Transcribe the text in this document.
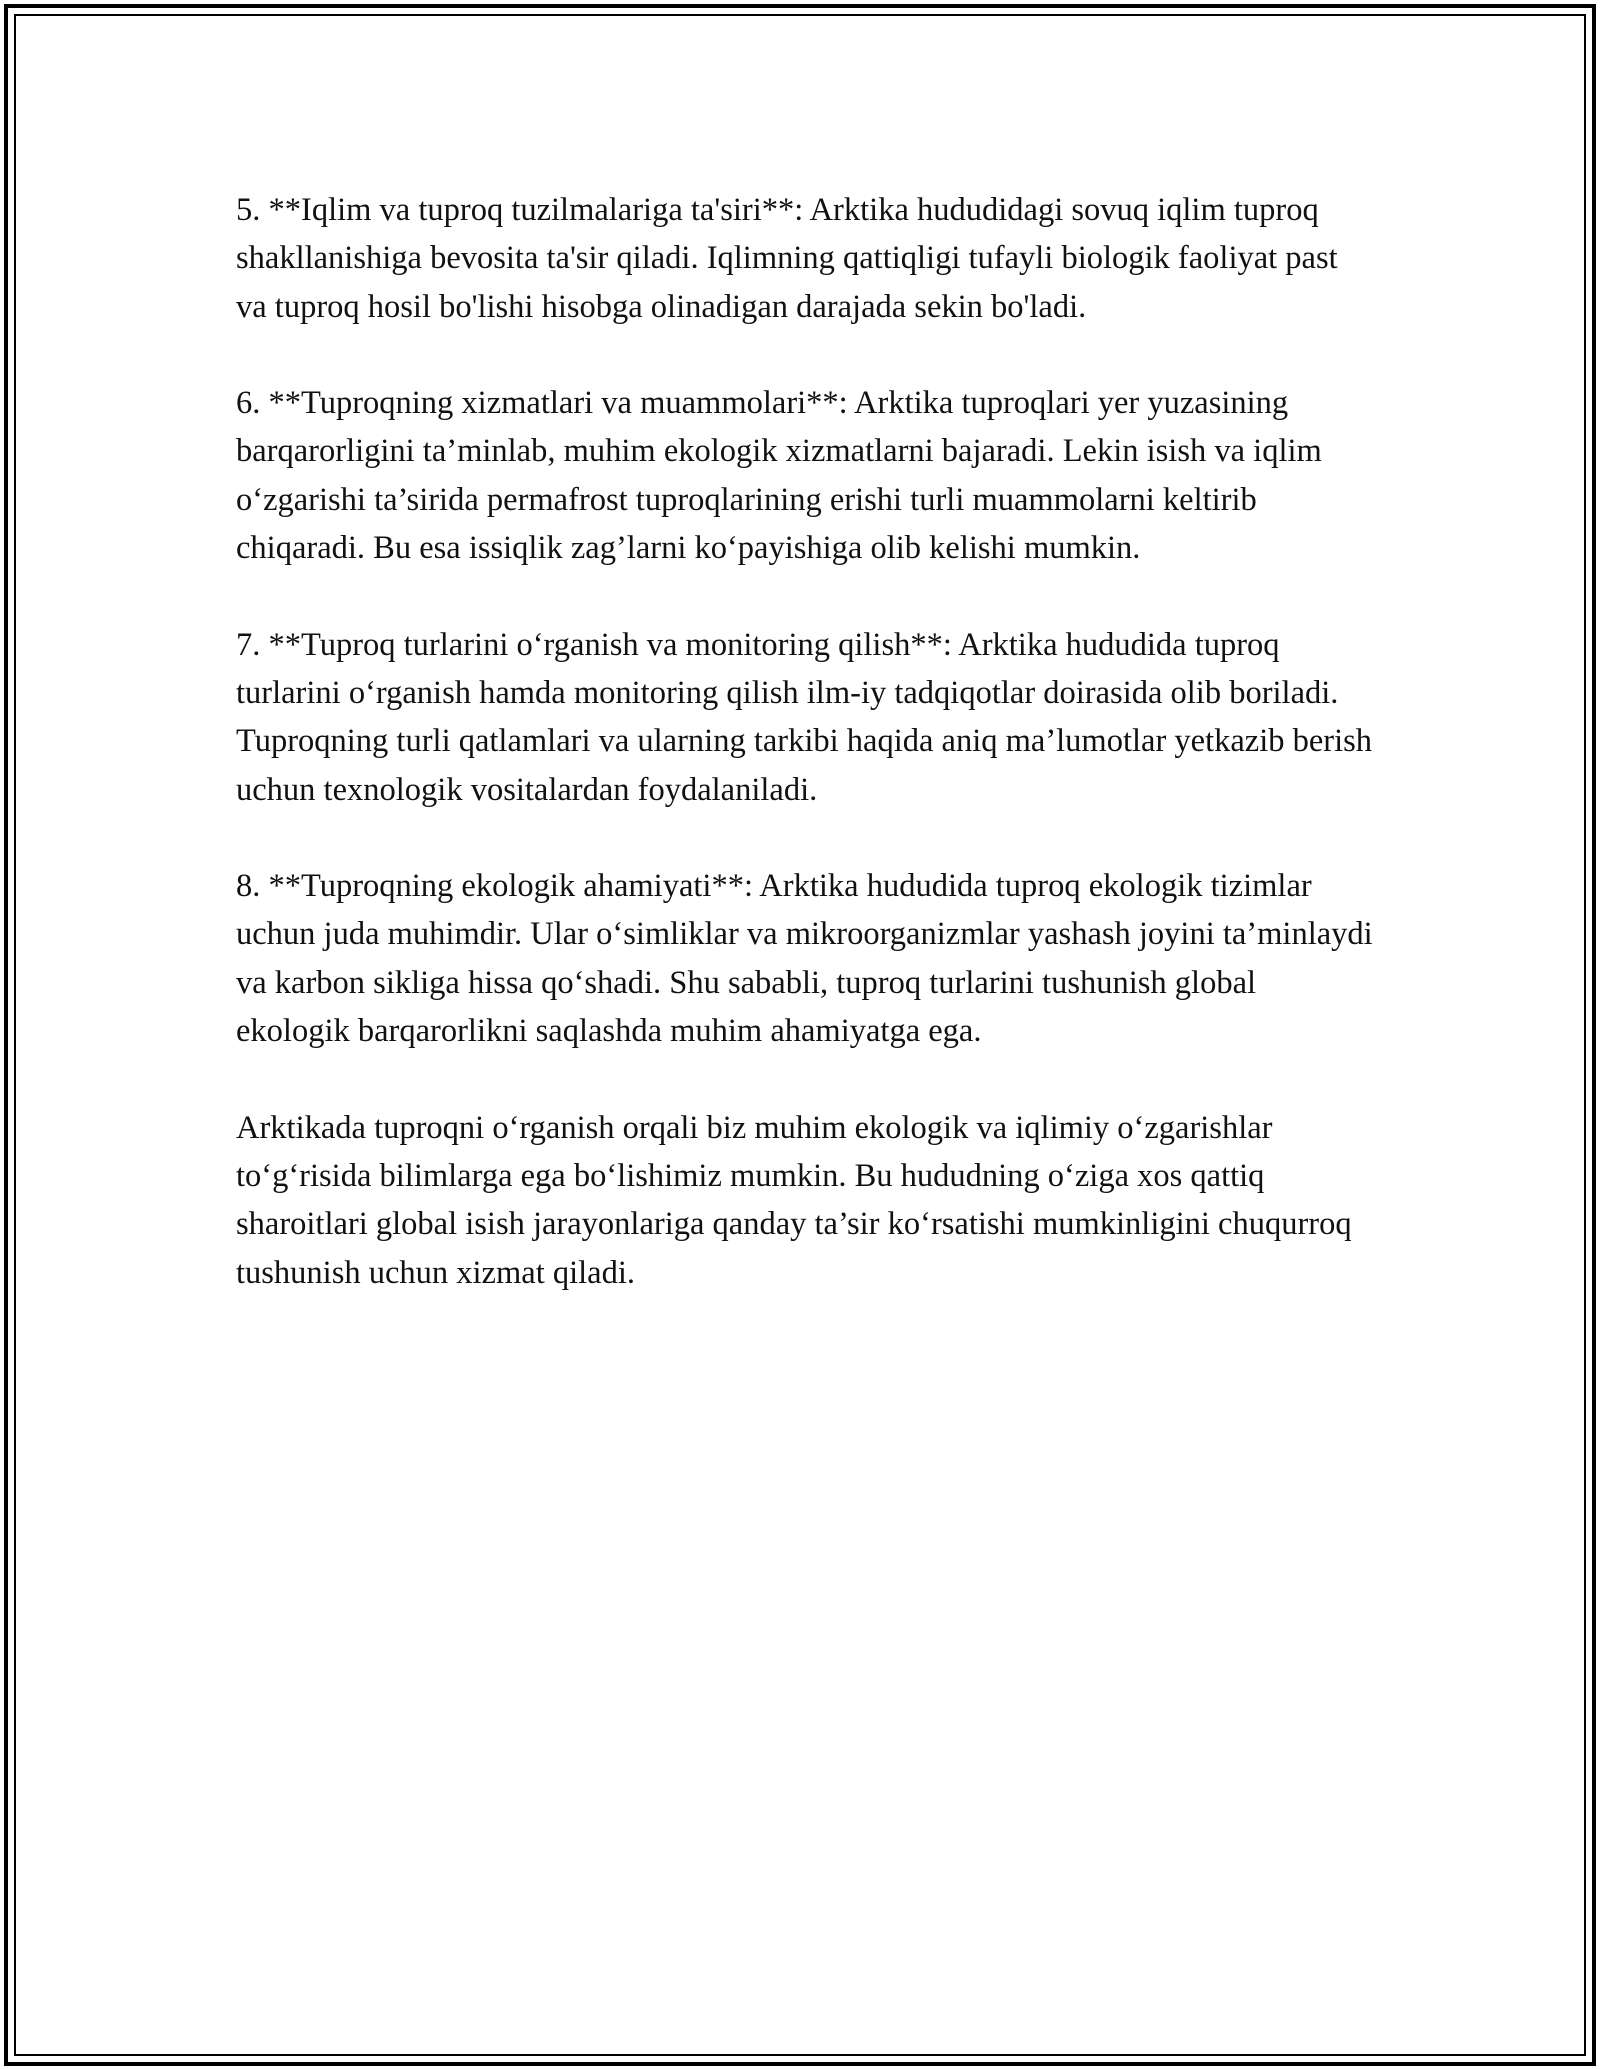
5. **Iqlim va tuproq tuzilmalariga ta'siri**: Arktika hududidagi sovuq iqlim tuproq shakllanishiga bevosita ta'sir qiladi. Iqlimning qattiqligi tufayli biologik faoliyat past va tuproq hosil bo'lishi hisobga olinadigan darajada sekin bo'ladi.

6. **Tuproqning xizmatlari va muammolari**: Arktika tuproqlari yer yuzasining barqarorligini ta’minlab, muhim ekologik xizmatlarni bajaradi. Lekin isish va iqlim o‘zgarishi ta’sirida permafrost tuproqlarining erishi turli muammolarni keltirib chiqaradi. Bu esa issiqlik zag’larni ko‘payishiga olib kelishi mumkin.

7. **Tuproq turlarini o‘rganish va monitoring qilish**: Arktika hududida tuproq turlarini o‘rganish hamda monitoring qilish ilm-iy tadqiqotlar doirasida olib boriladi. Tuproqning turli qatlamlari va ularning tarkibi haqida aniq ma’lumotlar yetkazib berish uchun texnologik vositalardan foydalaniladi.

8. **Tuproqning ekologik ahamiyati**: Arktika hududida tuproq ekologik tizimlar uchun juda muhimdir. Ular o‘simliklar va mikroorganizmlar yashash joyini ta’minlaydi va karbon sikliga hissa qo‘shadi. Shu sababli, tuproq turlarini tushunish global ekologik barqarorlikni saqlashda muhim ahamiyatga ega.

Arktikada tuproqni o‘rganish orqali biz muhim ekologik va iqlimiy o‘zgarishlar to‘g‘risida bilimlarga ega bo‘lishimiz mumkin. Bu hududning o‘ziga xos qattiq sharoitlari global isish jarayonlariga qanday ta’sir ko‘rsatishi mumkinligini chuqurroq tushunish uchun xizmat qiladi.
